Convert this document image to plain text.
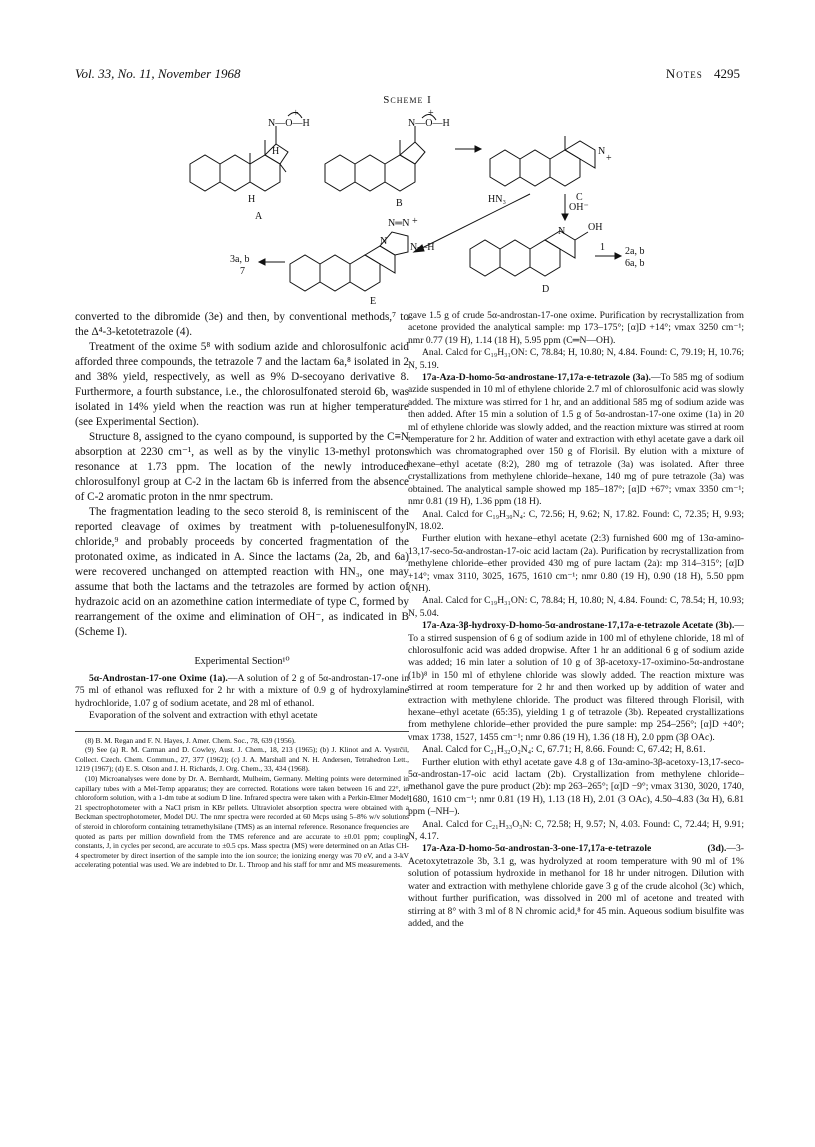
Vol. 33, No. 11, November 1968	Notes 4295
Scheme I
N—O—H
H
H
+
A
N—O—H
+
B
N
+
C
HN₃
OH⁻
N OH
D
1 2a, b
6a, b
N═N +
N
N—H
E
3a, b
7

converted to the dibromide (3e) and then, by conventional methods,⁷ to the Δ⁴-3-ketotetrazole (4).

Treatment of the oxime 5⁸ with sodium azide and chlorosulfonic acid afforded three compounds, the tetrazole 7 and the lactam 6a,⁸ isolated in 2 and 38% yield, respectively, as well as 9% D-secoyano derivative 8. Furthermore, a fourth substance, i.e., the chlorosulfonated steroid 6b, was isolated in 14% yield when the reaction was run at higher temperature (see Experimental Section).

Structure 8, assigned to the cyano compound, is supported by the C≡N absorption at 2230 cm⁻¹, as well as by the vinylic 13-methyl protons resonance at 1.73 ppm. The location of the newly introduced chlorosulfonyl group at C-2 in the lactam 6b is inferred from the absence of C-2 aromatic proton in the nmr spectrum.

The fragmentation leading to the seco steroid 8, is reminiscent of the reported cleavage of oximes by treatment with p-toluenesulfonyl chloride,⁹ and probably proceeds by concerted fragmentation of the protonated oxime, as indicated in A. Since the lactams (2a, 2b, and 6a) were recovered unchanged on attempted reaction with HN₃, one may assume that both the lactams and the tetrazoles are formed by action of hydrazoic acid on an azomethine cation intermediate of type C, formed by rearrangement of the oxime and elimination of OH⁻, as indicated in B (Scheme I).

Experimental Section¹⁰

5α-Androstan-17-one Oxime (1a).—A solution of 2 g of 5α-androstan-17-one in 75 ml of ethanol was refluxed for 2 hr with a mixture of 0.9 g of hydroxylamine hydrochloride, 1.07 g of sodium acetate, and 28 ml of ethanol.

Evaporation of the solvent and extraction with ethyl acetate

(8) B. M. Regan and F. N. Hayes, J. Amer. Chem. Soc., 78, 639 (1956).

(9) See (a) R. M. Carman and D. Cowley, Aust. J. Chem., 18, 213 (1965); (b) J. Klinot and A. Vystrčil, Collect. Czech. Chem. Commun., 27, 377 (1962); (c) J. A. Marshall and N. H. Andersen, Tetrahedron Lett., 1219 (1967); (d) E. S. Olson and J. H. Richards, J. Org. Chem., 33, 434 (1968).

(10) Microanalyses were done by Dr. A. Bernhardt, Mulheim, Germany. Melting points were determined in capillary tubes with a Mel-Temp apparatus; they are corrected. Rotations were taken between 16 and 22°, in chloroform solution, with a 1-dm tube at sodium D line. Infrared spectra were taken with a Perkin-Elmer Model 21 spectrophotometer with a NaCl prism in KBr pellets. Ultraviolet absorption spectra were obtained with a Beckman spectrophotometer, Model DU. The nmr spectra were recorded at 60 Mcps using 5–8% w/v solutions of steroid in chloroform containing tetramethylsilane (TMS) as an internal reference. Resonance frequencies are quoted as parts per million downfield from the TMS reference and are accurate to ±0.01 ppm; coupling constants, J, in cycles per second, are accurate to ±0.5 cps. Mass spectra (MS) were determined on an Atlas CH-4 spectrometer by direct insertion of the sample into the ion source; the ionizing energy was 70 eV, and a 3-kV accelerating potential was used. We are indebted to Dr. L. Throop and his staff for nmr and MS measurements.

gave 1.5 g of crude 5α-androstan-17-one oxime. Purification by recrystallization from acetone provided the analytical sample: mp 173–175°; [α]D +14°; νmax 3250 cm⁻¹; nmr 0.77 (19 H), 1.14 (18 H), 5.95 ppm (C═N—OH).

Anal. Calcd for C₁₉H₃₁ON: C, 78.84; H, 10.80; N, 4.84. Found: C, 79.19; H, 10.76; N, 5.19.

17a-Aza-D-homo-5α-androstane-17,17a-e-tetrazole (3a).—To 585 mg of sodium azide suspended in 10 ml of ethylene chloride 2.7 ml of chlorosulfonic acid was slowly added. The mixture was stirred for 1 hr, and an additional 585 mg of sodium azide was then added. After 15 min a solution of 1.5 g of 5α-androstan-17-one oxime (1a) in 20 ml of ethylene chloride was slowly added, and the reaction mixture was stirred at room temperature for 2 hr. Addition of water and extraction with ethyl acetate gave a dark oil which was chromatographed over 150 g of Florisil. By elution with a mixture of hexane–ethyl acetate (8:2), 280 mg of tetrazole (3a) was isolated. After three crystallizations from methylene chloride–hexane, 140 mg of pure tetrazole (3a) was obtained. The analytical sample showed mp 185–187°; [α]D +67°; νmax 3350 cm⁻¹; nmr 0.81 (19 H), 1.36 ppm (18 H).

Anal. Calcd for C₁₉H₃₀N₄: C, 72.56; H, 9.62; N, 17.82. Found: C, 72.35; H, 9.93; N, 18.02.

Further elution with hexane–ethyl acetate (2:3) furnished 600 mg of 13α-amino-13,17-seco-5α-androstan-17-oic acid lactam (2a). Purification by recrystallization from methylene chloride–ether provided 430 mg of pure lactam (2a): mp 314–315°; [α]D +14°; νmax 3110, 3025, 1675, 1610 cm⁻¹; nmr 0.80 (19 H), 0.90 (18 H), 5.50 ppm (NH).

Anal. Calcd for C₁₉H₃₁ON: C, 78.84; H, 10.80; N, 4.84. Found: C, 78.54; H, 10.93; N, 5.04.

17a-Aza-3β-hydroxy-D-homo-5α-androstane-17,17a-e-tetrazole Acetate (3b).—To a stirred suspension of 6 g of sodium azide in 100 ml of ethylene chloride, 18 ml of chlorosulfonic acid was added dropwise. After 1 hr an additional 6 g of sodium azide was added; 16 min later a solution of 10 g of 3β-acetoxy-17-oximino-5α-androstane (1b)⁸ in 150 ml of ethylene chloride was slowly added. The reaction mixture was stirred at room temperature for 2 hr and then worked up by addition of water and extraction with methylene chloride. The product was filtered through Florisil, with hexane–ethyl acetate (65:35), yielding 1 g of tetrazole (3b). Repeated crystallizations from methylene chloride–ether provided the pure sample: mp 254–256°; [α]D +40°; νmax 1738, 1527, 1455 cm⁻¹; nmr 0.86 (19 H), 1.36 (18 H), 2.0 ppm (3β OAc).

Anal. Calcd for C₂₁H₃₂O₂N₄: C, 67.71; H, 8.66. Found: C, 67.42; H, 8.61.

Further elution with ethyl acetate gave 4.8 g of 13α-amino-3β-acetoxy-13,17-seco-5α-androstan-17-oic acid lactam (2b). Crystallization from methylene chloride–methanol gave the pure product (2b): mp 263–265°; [α]D −9°; νmax 3130, 3020, 1740, 1680, 1610 cm⁻¹; nmr 0.81 (19 H), 1.13 (18 H), 2.01 (3 OAc), 4.50–4.83 (3α H), 6.81 ppm (–NH–).

Anal. Calcd for C₂₁H₃₃O₃N: C, 72.58; H, 9.57; N, 4.03. Found: C, 72.44; H, 9.91; N, 4.17.

17a-Aza-D-homo-5α-androstan-3-one-17,17a-e-tetrazole (3d).—3-Acetoxytetrazole 3b, 3.1 g, was hydrolyzed at room temperature with 90 ml of 1% solution of potassium hydroxide in methanol for 18 hr under nitrogen. Dilution with water and extraction with methylene chloride gave 3 g of the crude alcohol (3c) which, without further purification, was dissolved in 200 ml of acetone and treated with stirring at 8° with 3 ml of 8 N chromic acid,⁸ for 45 min. Aqueous sodium bisulfite was added, and the
